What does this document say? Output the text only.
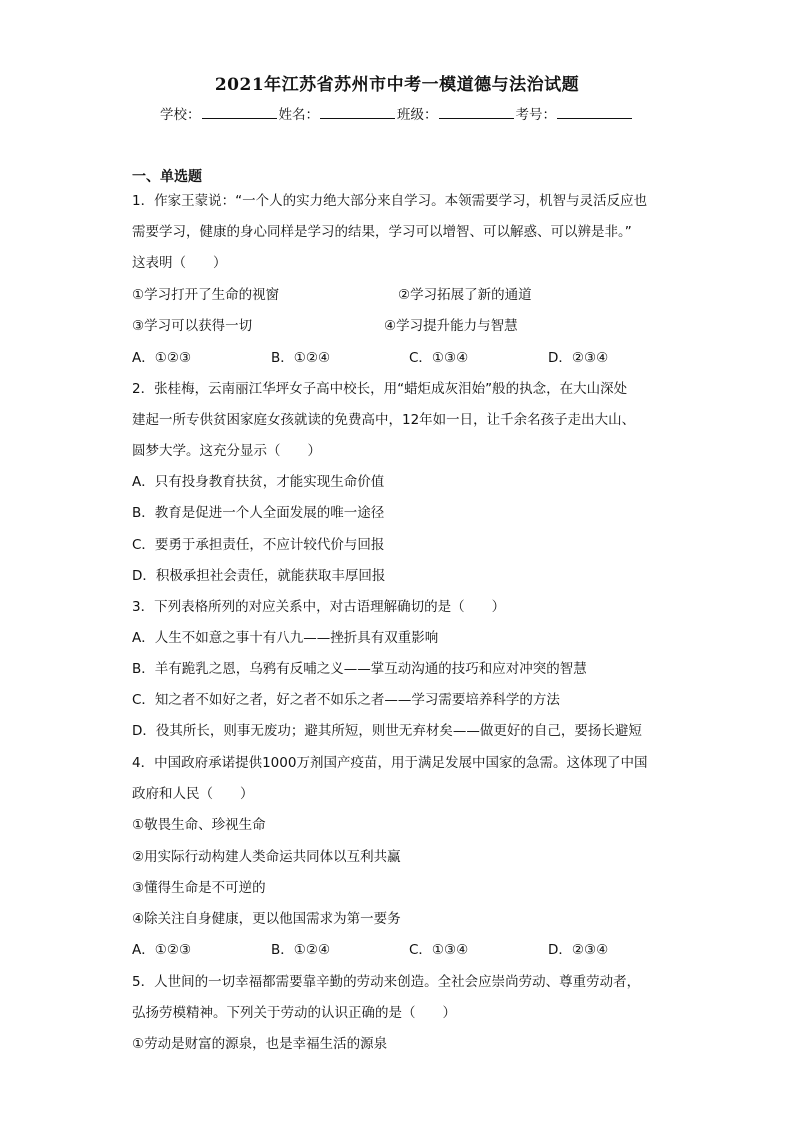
2021年江苏省苏州市中考一模道德与法治试题
学校：	姓名：	班级：	考号：
一、单选题
1．作家王蒙说：“一个人的实力绝大部分来自学习。本领需要学习，机智与灵活反应也
需要学习，健康的身心同样是学习的结果，学习可以增智、可以解惑、可以辨是非。”
这表明（　　）
①学习打开了生命的视窗	②学习拓展了新的通道
③学习可以获得一切	④学习提升能力与智慧
A．①②③	B．①②④	C．①③④	D．②③④
2．张桂梅，云南丽江华坪女子高中校长，用“蜡炬成灰泪始”般的执念，在大山深处
建起一所专供贫困家庭女孩就读的免费高中，12年如一日，让千余名孩子走出大山、
圆梦大学。这充分显示（　　）
A．只有投身教育扶贫，才能实现生命价值
B．教育是促进一个人全面发展的唯一途径
C．要勇于承担责任，不应计较代价与回报
D．积极承担社会责任，就能获取丰厚回报
3．下列表格所列的对应关系中，对古语理解确切的是（　　）
A．人生不如意之事十有八九——挫折具有双重影响
B．羊有跪乳之恩，乌鸦有反哺之义——掌互动沟通的技巧和应对冲突的智慧
C．知之者不如好之者，好之者不如乐之者——学习需要培养科学的方法
D．役其所长，则事无废功；避其所短，则世无弃材矣——做更好的自己，要扬长避短
4．中国政府承诺提供1000万剂国产疫苗，用于满足发展中国家的急需。这体现了中国
政府和人民（　　）
①敬畏生命、珍视生命
②用实际行动构建人类命运共同体以互利共赢
③懂得生命是不可逆的
④除关注自身健康，更以他国需求为第一要务
A．①②③	B．①②④	C．①③④	D．②③④
5．人世间的一切幸福都需要靠辛勤的劳动来创造。全社会应崇尚劳动、尊重劳动者，
弘扬劳模精神。下列关于劳动的认识正确的是（　　）
①劳动是财富的源泉，也是幸福生活的源泉
